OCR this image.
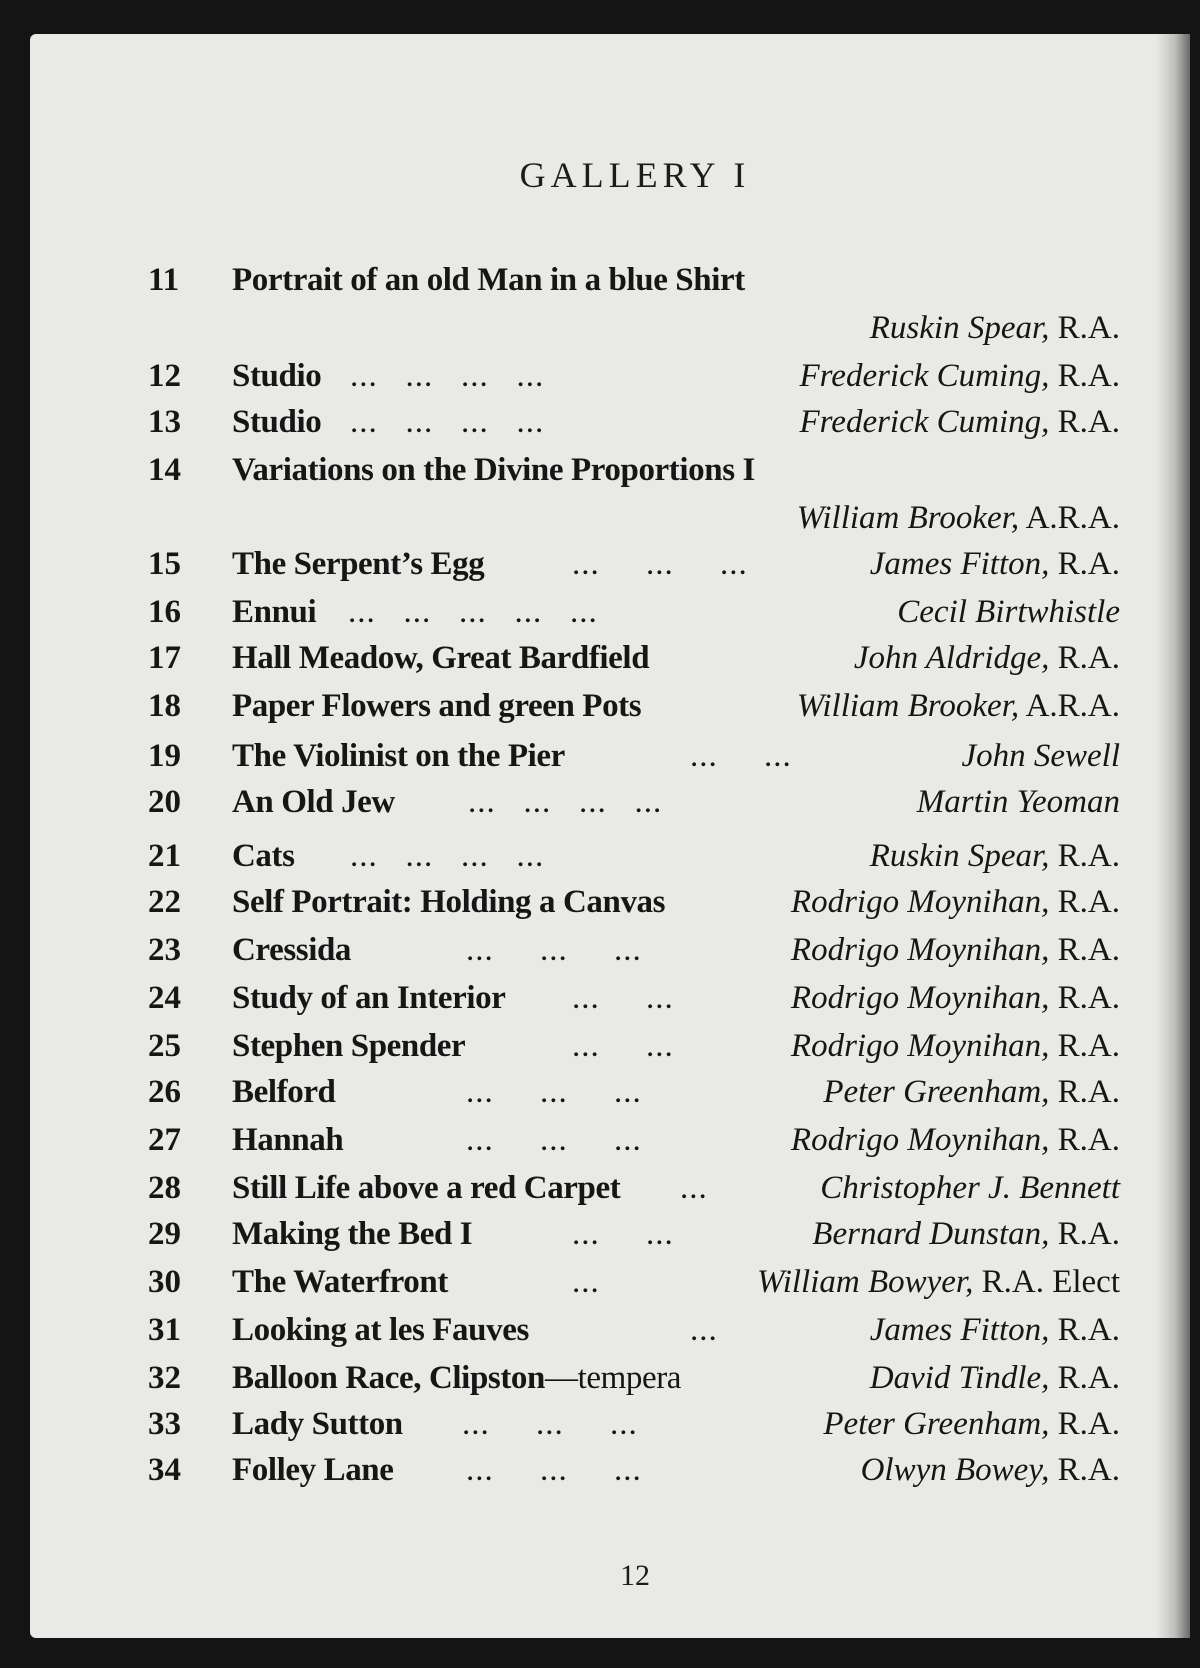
GALLERY I
11	Portrait of an old Man in a blue Shirt
Ruskin Spear, R.A.
12	Studio ...   ...   ...   ...	Frederick Cuming, R.A.
13	Studio ...   ...   ...   ...	Frederick Cuming, R.A.
14	Variations on the Divine Proportions I
William Brooker, A.R.A.
15	The Serpent’s Egg	...     ...     ...	James Fitton, R.A.
16	Ennui ...   ...   ...   ...   ...	Cecil Birtwhistle
17	Hall Meadow, Great Bardfield	John Aldridge, R.A.
18	Paper Flowers and green Pots	William Brooker, A.R.A.
19	The Violinist on the Pier	...     ...	John Sewell
20	An Old Jew ...   ...   ...   ...	Martin Yeoman
21	Cats ...   ...   ...   ...	Ruskin Spear, R.A.
22	Self Portrait: Holding a Canvas	Rodrigo Moynihan, R.A.
23	Cressida	...     ...     ...	Rodrigo Moynihan, R.A.
24	Study of an Interior ...     ...	Rodrigo Moynihan, R.A.
25	Stephen Spender	...     ...	Rodrigo Moynihan, R.A.
26	Belford	...     ...     ...	Peter Greenham, R.A.
27	Hannah	...     ...     ...	Rodrigo Moynihan, R.A.
28	Still Life above a red Carpet ...	Christopher J. Bennett
29	Making the Bed I	...     ...	Bernard Dunstan, R.A.
30	The Waterfront	...	William Bowyer, R.A. Elect
31	Looking at les Fauves	...	James Fitton, R.A.
32	Balloon Race, Clipston—tempera	David Tindle, R.A.
33	Lady Sutton ...     ...     ...	Peter Greenham, R.A.
34	Folley Lane ...     ...     ...	Olwyn Bowey, R.A.
12
